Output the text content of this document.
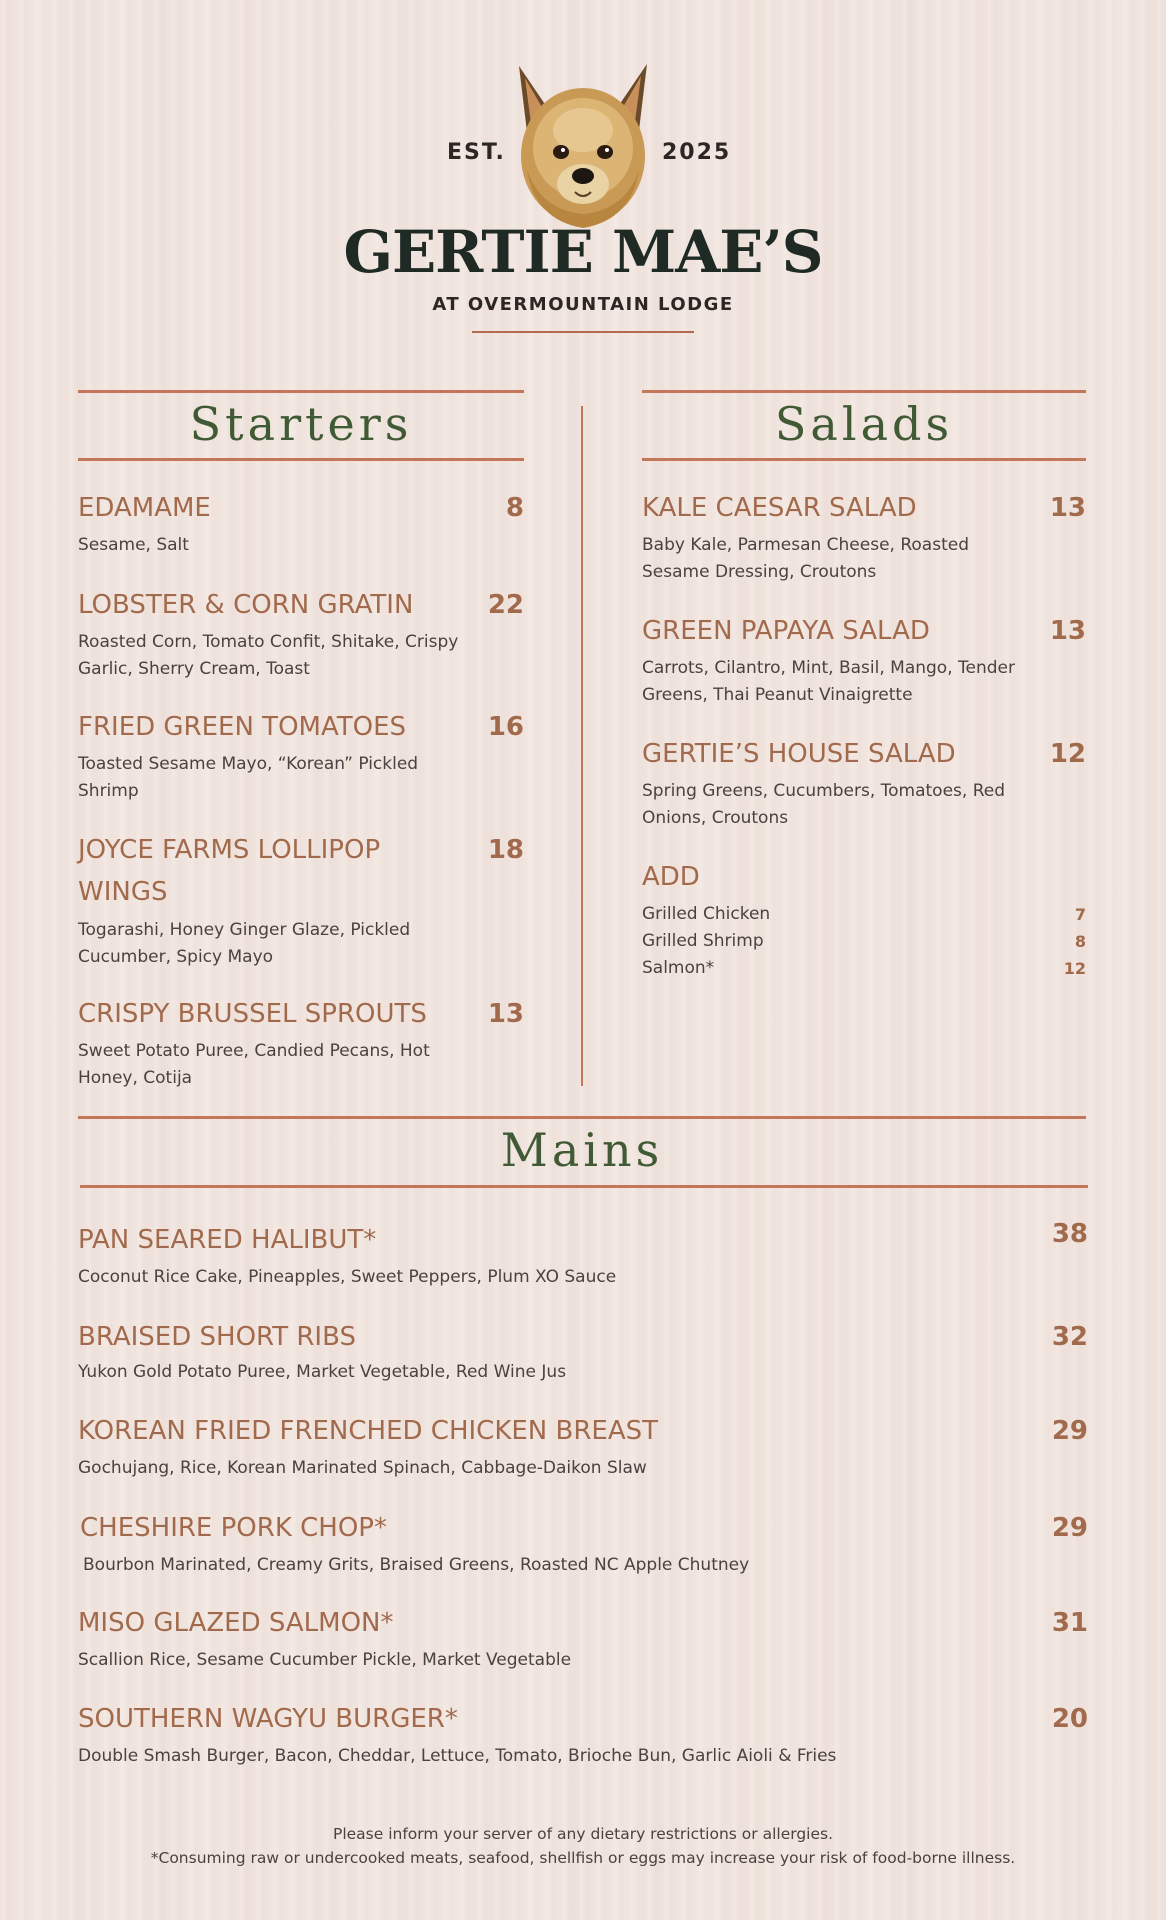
EST.	2025
GERTIE MAE’S
AT OVERMOUNTAIN LODGE
Starters	Salads
EDAMAME	8
Sesame, Salt
LOBSTER & CORN GRATIN	22
Roasted Corn, Tomato Confit, Shitake, Crispy
Garlic, Sherry Cream, Toast
FRIED GREEN TOMATOES	16
Toasted Sesame Mayo, “Korean” Pickled
Shrimp
JOYCE FARMS LOLLIPOP
WINGS
18
Togarashi, Honey Ginger Glaze, Pickled
Cucumber, Spicy Mayo
CRISPY BRUSSEL SPROUTS 13
Sweet Potato Puree, Candied Pecans, Hot
Honey, Cotija
KALE CAESAR SALAD	13
Baby Kale, Parmesan Cheese, Roasted
Sesame Dressing, Croutons
GREEN PAPAYA SALAD	13
Carrots, Cilantro, Mint, Basil, Mango, Tender
Greens, Thai Peanut Vinaigrette
GERTIE’S HOUSE SALAD	12
Spring Greens, Cucumbers, Tomatoes, Red
Onions, Croutons
ADD
Grilled Chicken	7
Grilled Shrimp	8
Salmon*	12
Mains
PAN SEARED HALIBUT*	38
Coconut Rice Cake, Pineapples, Sweet Peppers, Plum XO Sauce
BRAISED SHORT RIBS	32
Yukon Gold Potato Puree, Market Vegetable, Red Wine Jus
KOREAN FRIED FRENCHED CHICKEN BREAST	29
Gochujang, Rice, Korean Marinated Spinach, Cabbage-Daikon Slaw
CHESHIRE PORK CHOP*	29
Bourbon Marinated, Creamy Grits, Braised Greens, Roasted NC Apple Chutney
MISO GLAZED SALMON*	31
Scallion Rice, Sesame Cucumber Pickle, Market Vegetable
SOUTHERN WAGYU BURGER*	20
Double Smash Burger, Bacon, Cheddar, Lettuce, Tomato, Brioche Bun, Garlic Aioli & Fries
Please inform your server of any dietary restrictions or allergies.
*Consuming raw or undercooked meats, seafood, shellfish or eggs may increase your risk of food-borne illness.
